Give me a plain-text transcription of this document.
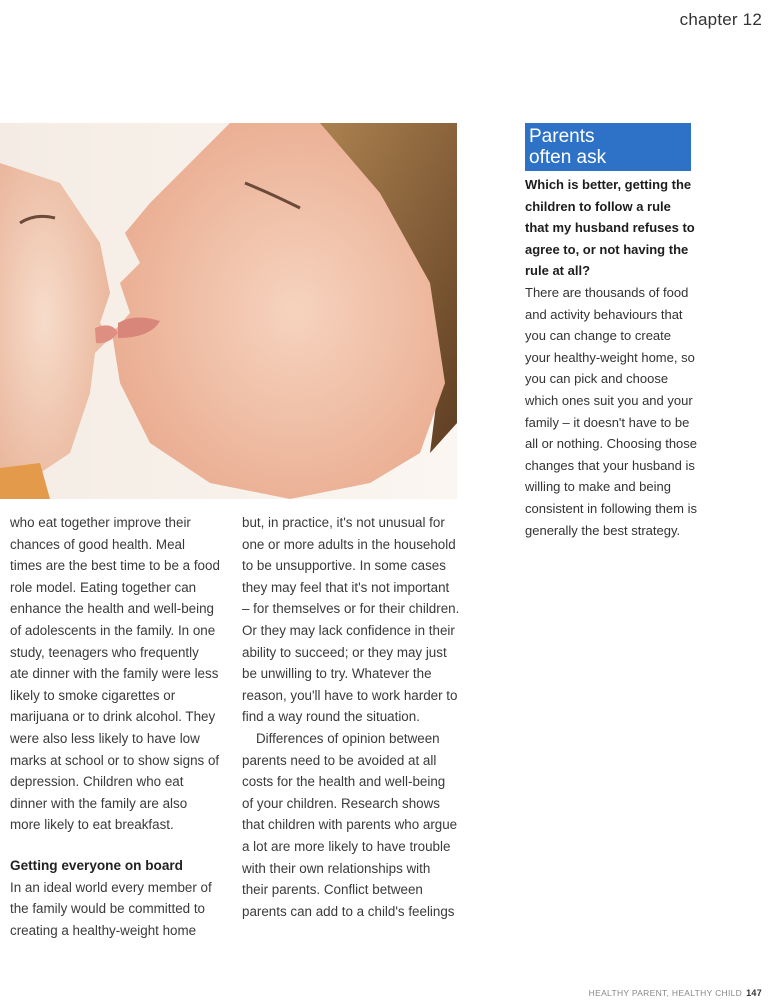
chapter 12

who eat together improve their chances of good health. Meal times are the best time to be a food role model. Eating together can enhance the health and well-being of adolescents in the family. In one study, teenagers who frequently ate dinner with the family were less likely to smoke cigarettes or marijuana or to drink alcohol. They were also less likely to have low marks at school or to show signs of depression. Children who eat dinner with the family are also more likely to eat breakfast.

Getting everyone on board

In an ideal world every member of the family would be committed to creating a healthy-weight home

but, in practice, it's not unusual for one or more adults in the household to be unsupportive. In some cases they may feel that it's not important – for themselves or for their children. Or they may lack confidence in their ability to succeed; or they may just be unwilling to try. Whatever the reason, you'll have to work harder to find a way round the situation.

Differences of opinion between parents need to be avoided at all costs for the health and well-being of your children. Research shows that children with parents who argue a lot are more likely to have trouble with their own relationships with their parents. Conflict between parents can add to a child's feelings

Parents
often ask
Which is better, getting the children to follow a rule that my husband refuses to agree to, or not having the rule at all?
There are thousands of food and activity behaviours that you can change to create your healthy-weight home, so you can pick and choose which ones suit you and your family – it doesn't have to be all or nothing. Choosing those changes that your husband is willing to make and being consistent in following them is generally the best strategy.
HEALTHY PARENT, HEALTHY CHILD 147
